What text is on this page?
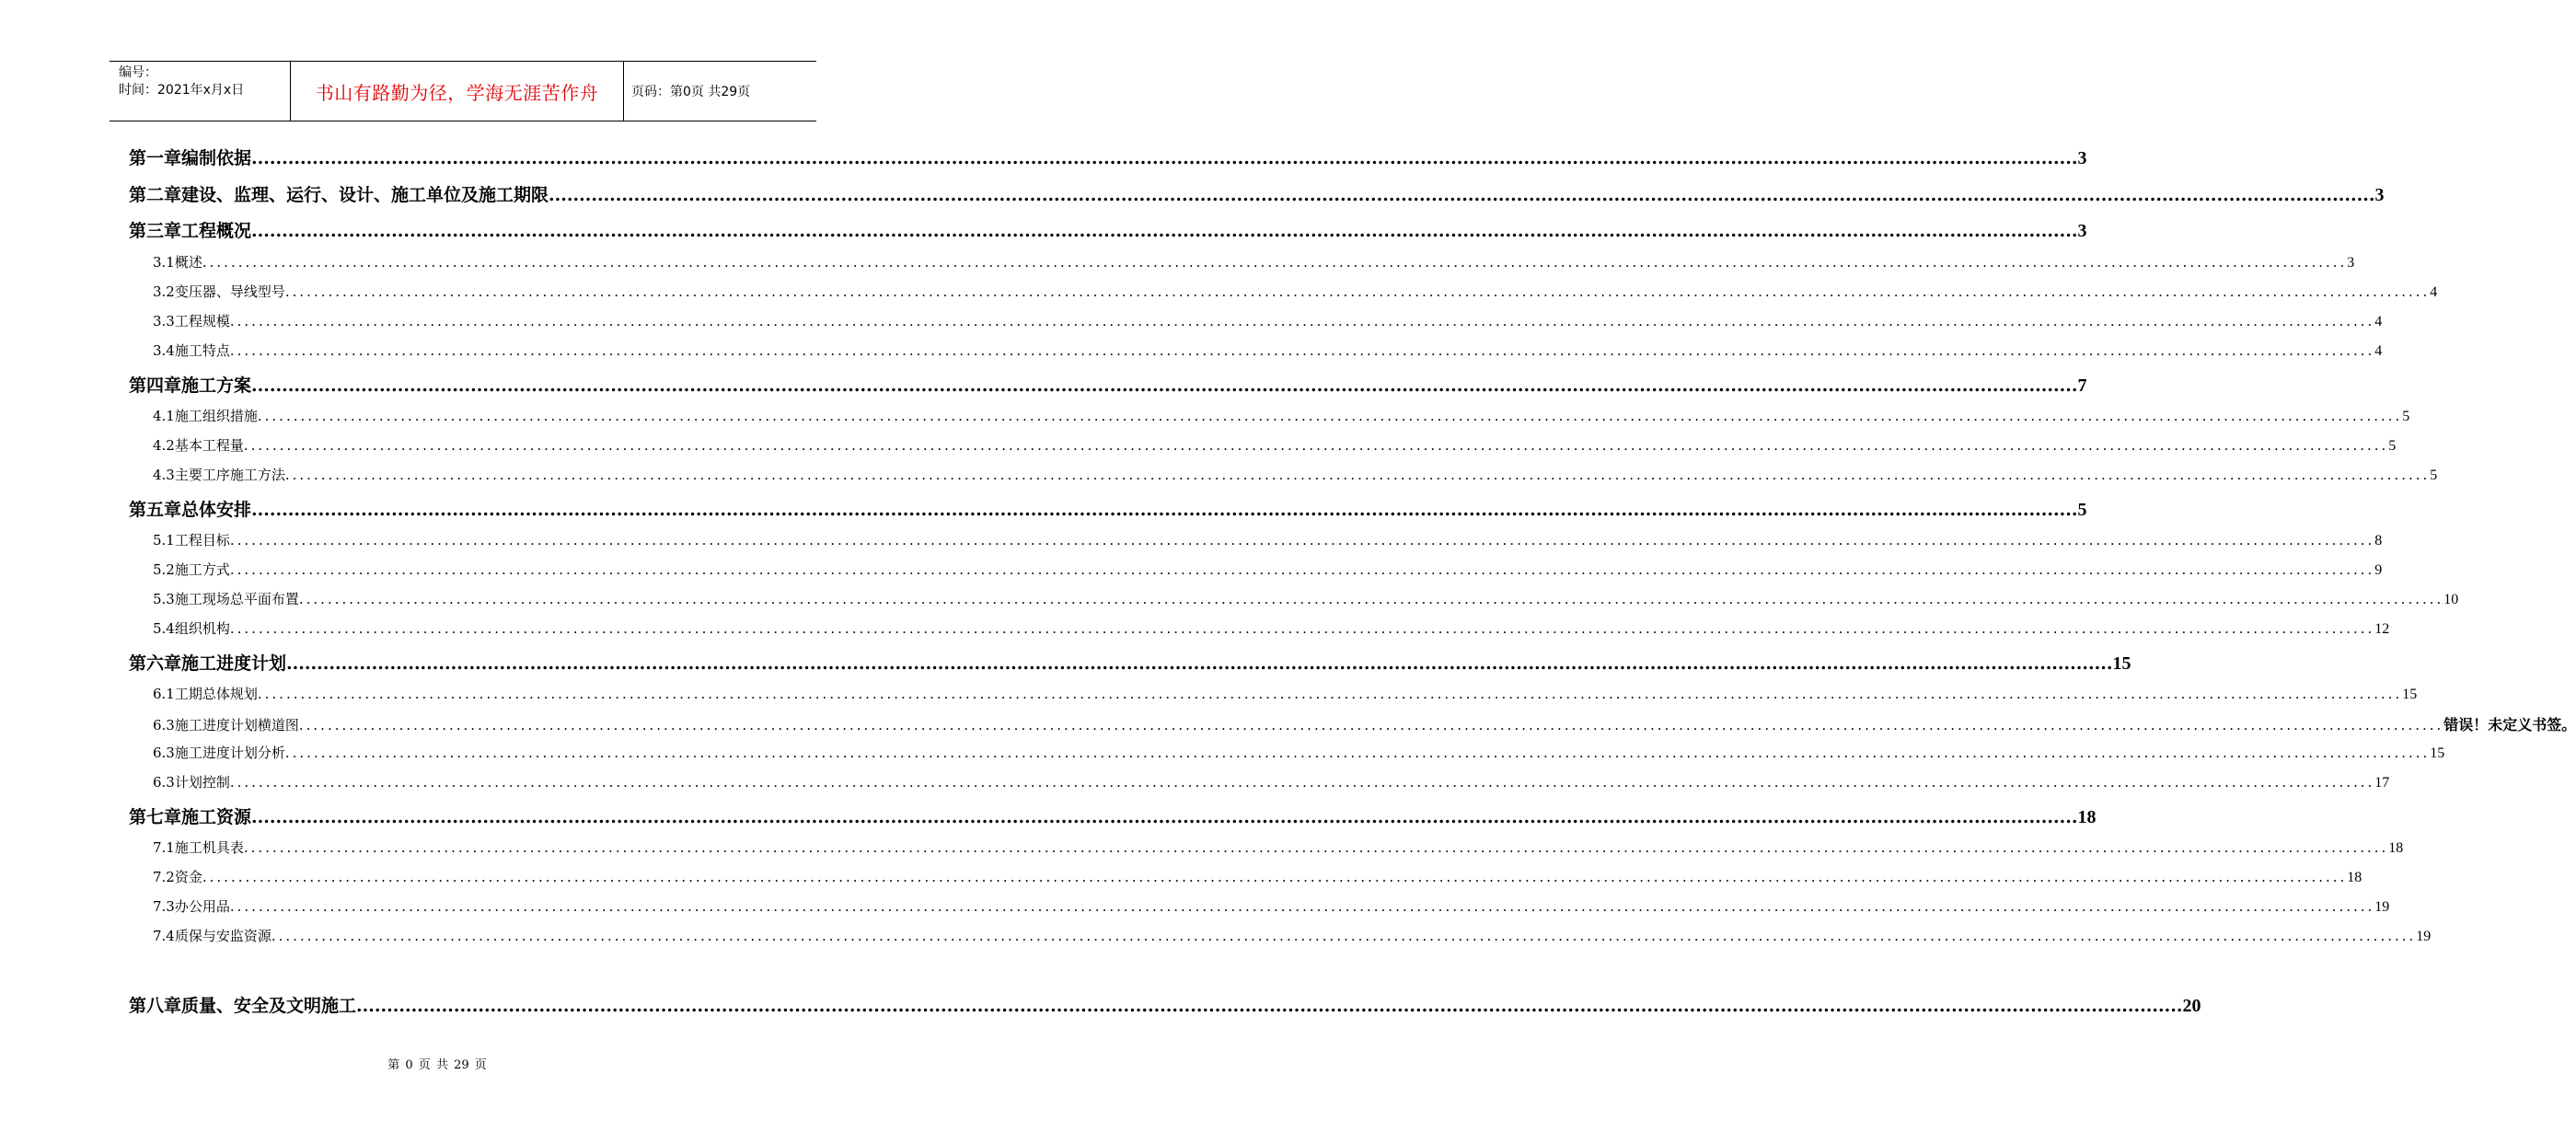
编号：
时间：2021年x月x日	书山有路勤为径，学海无涯苦作舟	页码：第0页 共29页
第一章 编制依据 ............................................................................................................................................................................................................................................................................................................ 3
第二章 建设、监理、运行、设计、施工单位及施工期限 ............................................................................................................................................................................................................................................................................................................ 3
第三章 工程概况 ............................................................................................................................................................................................................................................................................................................ 3
3.1 概述 ............................................................................................................................................................................................................................................................................................................ 3
3.2 变压器、导线型号 ............................................................................................................................................................................................................................................................................................................ 4
3.3 工程规模 ............................................................................................................................................................................................................................................................................................................ 4
3.4 施工特点 ............................................................................................................................................................................................................................................................................................................ 4
第四章 施工方案 ............................................................................................................................................................................................................................................................................................................ 7
4.1 施工组织措施 ............................................................................................................................................................................................................................................................................................................ 5
4.2 基本工程量 ............................................................................................................................................................................................................................................................................................................ 5
4.3 主要工序施工方法 ............................................................................................................................................................................................................................................................................................................ 5
第五章 总体安排 ............................................................................................................................................................................................................................................................................................................ 5
5.1 工程目标 ............................................................................................................................................................................................................................................................................................................ 8
5.2 施工方式 ............................................................................................................................................................................................................................................................................................................ 9
5.3 施工现场总平面布置 ............................................................................................................................................................................................................................................................................................................ 10
5.4 组织机构 ............................................................................................................................................................................................................................................................................................................ 12
第六章 施工进度计划 ............................................................................................................................................................................................................................................................................................................ 15
6.1 工期总体规划 ............................................................................................................................................................................................................................................................................................................ 15
6.3 施工进度计划横道图 ............................................................................................................................................................................................................................................................................................................ 错误！未定义书签。
6.3 施工进度计划分析 ............................................................................................................................................................................................................................................................................................................ 15
6.3 计划控制 ............................................................................................................................................................................................................................................................................................................ 17
第七章 施工资源 ............................................................................................................................................................................................................................................................................................................ 18
7.1 施工机具表 ............................................................................................................................................................................................................................................................................................................ 18
7.2 资金 ............................................................................................................................................................................................................................................................................................................ 18
7.3 办公用品 ............................................................................................................................................................................................................................................................................................................ 19
7.4 质保与安监资源 ............................................................................................................................................................................................................................................................................................................ 19
第八章 质量、安全及文明施工 ............................................................................................................................................................................................................................................................................................................ 20
第 0 页 共 29 页
